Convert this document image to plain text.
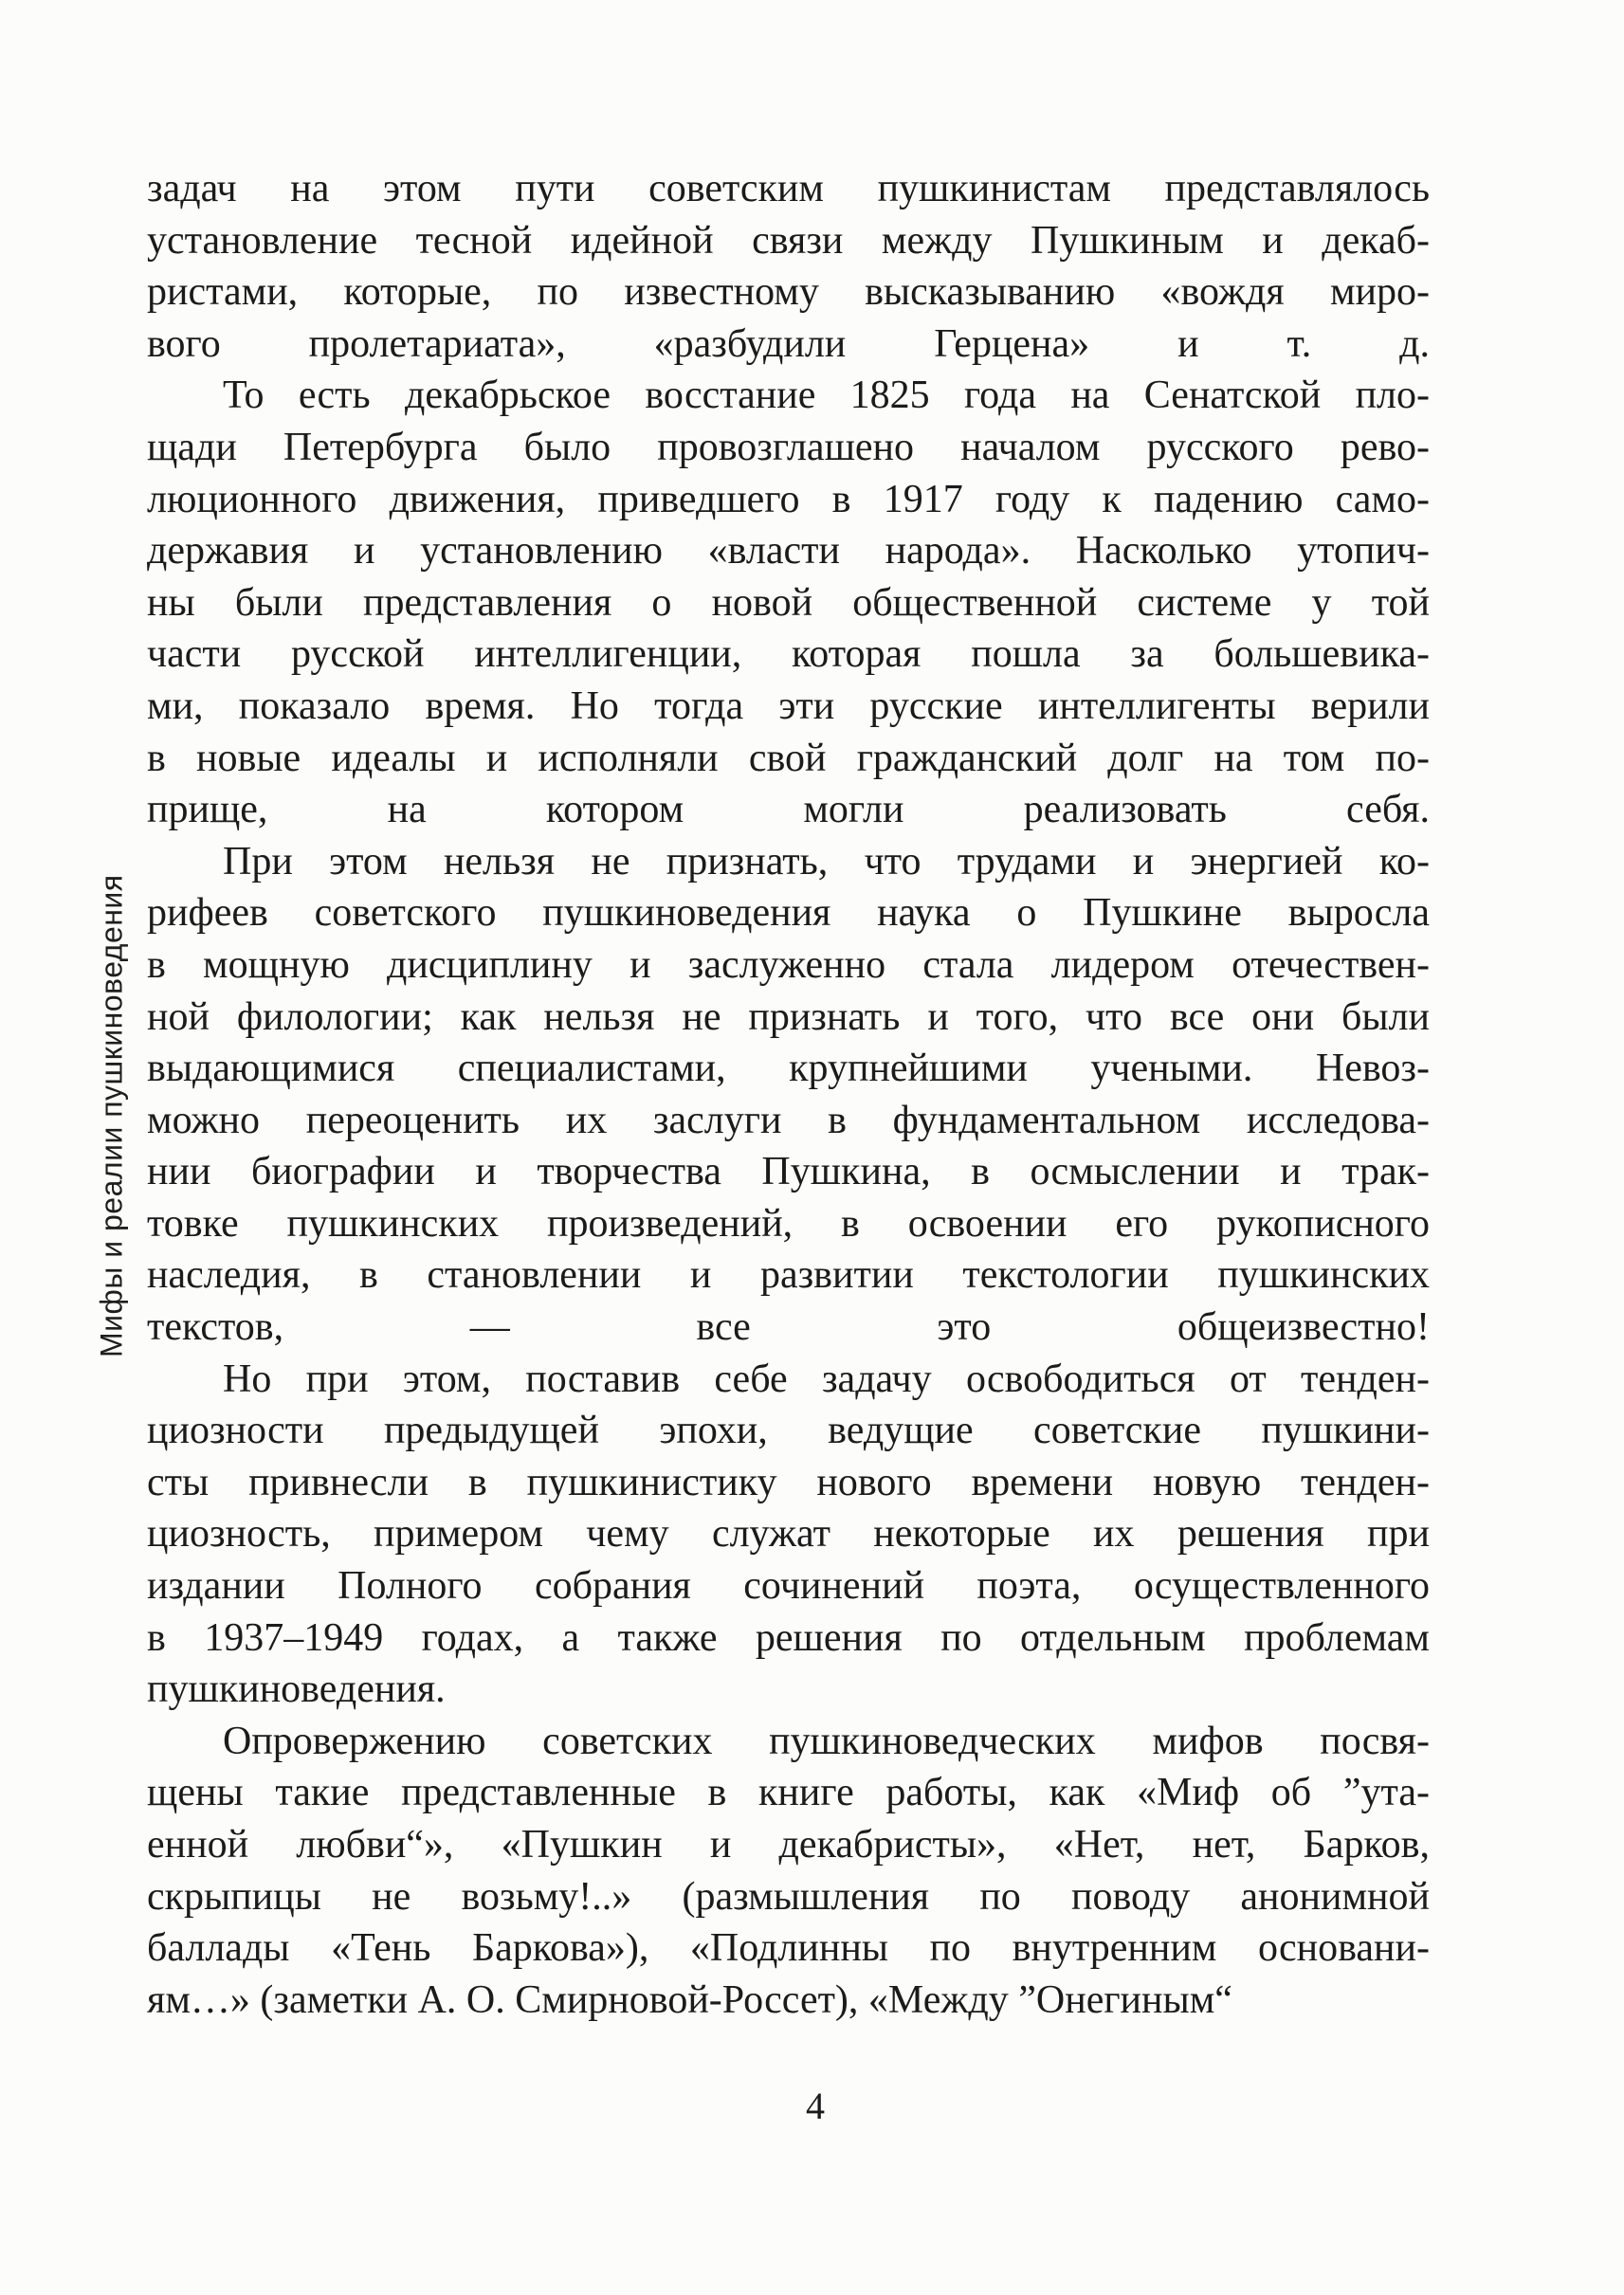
Мифы и реалии пушкиноведения
задач на этом пути советским пушкинистам представлялось
установление тесной идейной связи между Пушкиным и декаб-
ристами, которые, по известному высказыванию «вождя миро-
вого пролетариата», «разбудили Герцена» и т. д.
То есть декабрьское восстание 1825 года на Сенатской пло-
щади Петербурга было провозглашено началом русского рево-
люционного движения, приведшего в 1917 году к падению само-
державия и установлению «власти народа». Насколько утопич-
ны были представления о новой общественной системе у той
части русской интеллигенции, которая пошла за большевика-
ми, показало время. Но тогда эти русские интеллигенты верили
в новые идеалы и исполняли свой гражданский долг на том по-
прище, на котором могли реализовать себя.
При этом нельзя не признать, что трудами и энергией ко-
рифеев советского пушкиноведения наука о Пушкине выросла
в мощную дисциплину и заслуженно стала лидером отечествен-
ной филологии; как нельзя не признать и того, что все они были
выдающимися специалистами, крупнейшими учеными. Невоз-
можно переоценить их заслуги в фундаментальном исследова-
нии биографии и творчества Пушкина, в осмыслении и трак-
товке пушкинских произведений, в освоении его рукописного
наследия, в становлении и развитии текстологии пушкинских
текстов, — все это общеизвестно!
Но при этом, поставив себе задачу освободиться от тенден-
циозности предыдущей эпохи, ведущие советские пушкини-
сты привнесли в пушкинистику нового времени новую тенден-
циозность, примером чему служат некоторые их решения при
издании Полного собрания сочинений поэта, осуществленного
в 1937–1949 годах, а также решения по отдельным проблемам
пушкиноведения.
Опровержению советских пушкиноведческих мифов посвя-
щены такие представленные в книге работы, как «Миф об ”ута-
енной любви“», «Пушкин и декабристы», «Нет, нет, Барков,
скрыпицы не возьму!..» (размышления по поводу анонимной
баллады «Тень Баркова»), «Подлинны по внутренним основани-
ям…» (заметки А. О. Смирновой-Россет), «Между ”Онегиным“
4
